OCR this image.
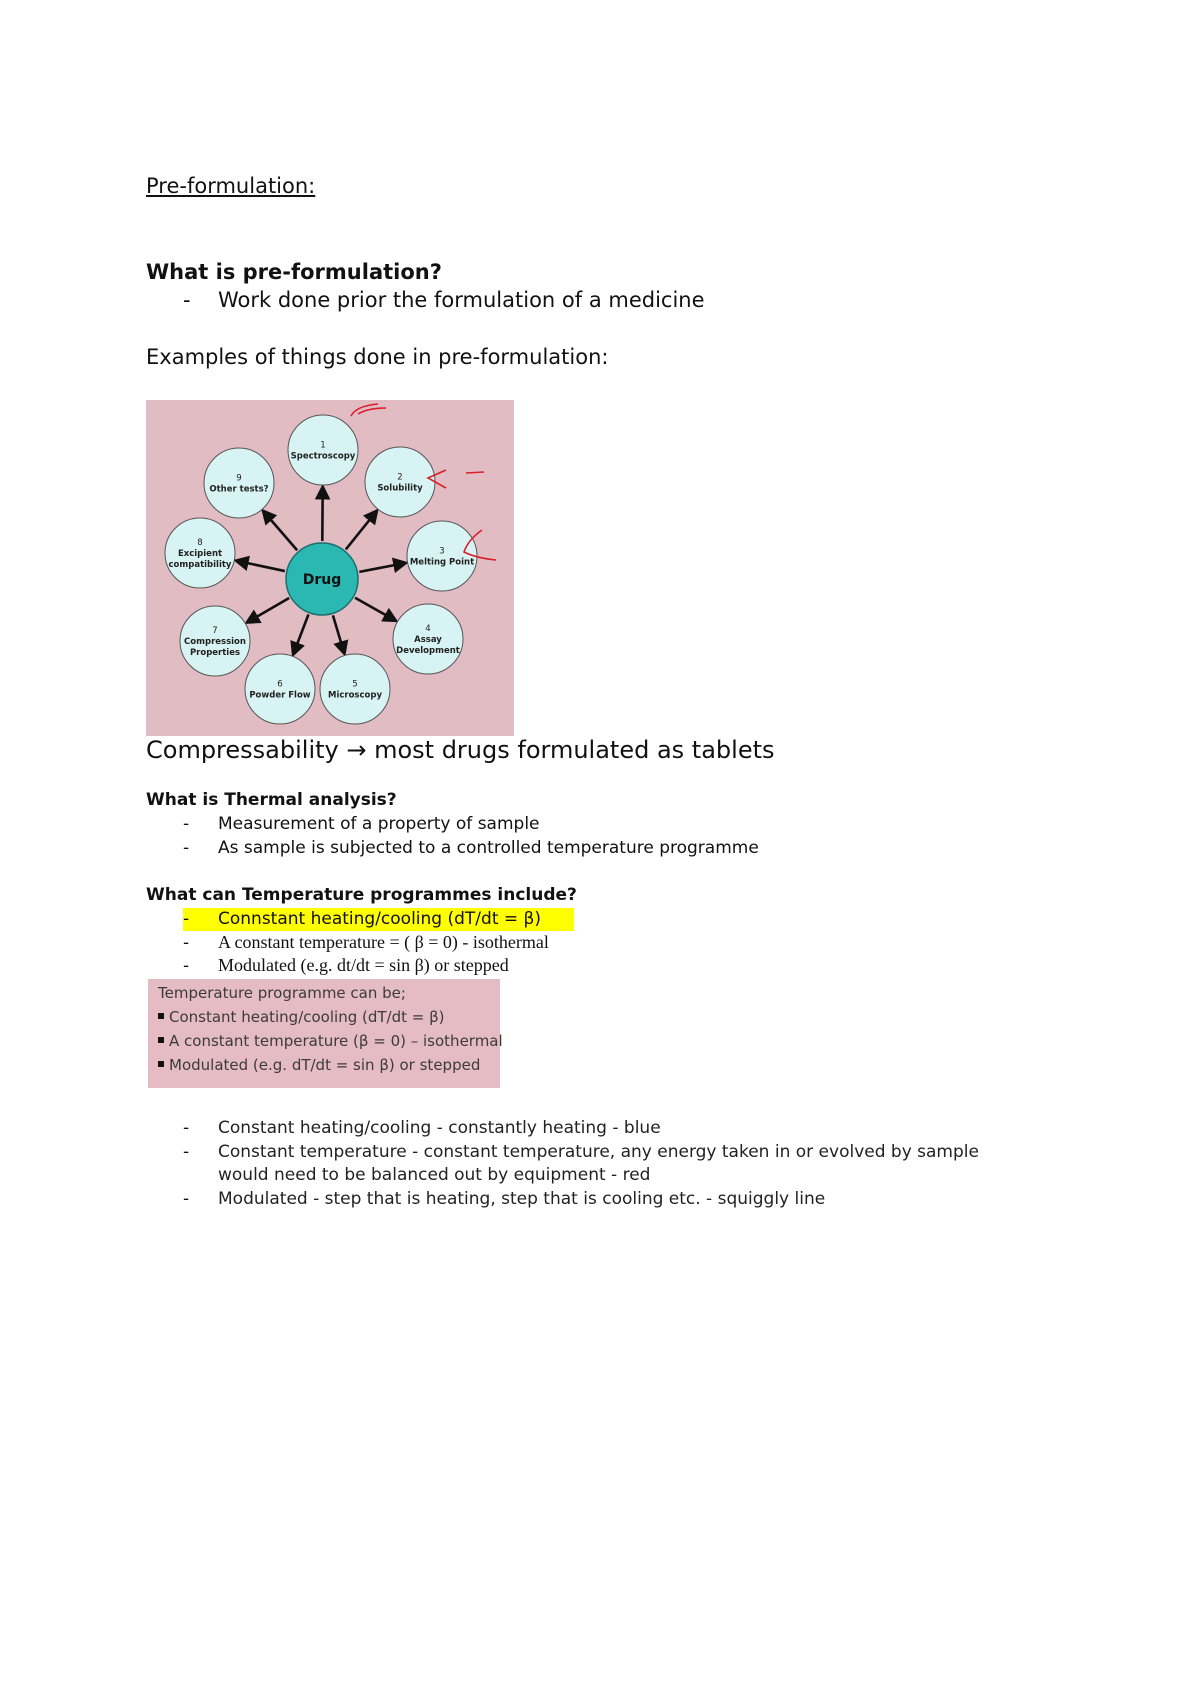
Pre-formulation:
What is pre-formulation?
- Work done prior the formulation of a medicine
Examples of things done in pre-formulation:
1
Spectroscopy
2
Solubility
3
Melting Point
4
Assay
Development
5
Microscopy
6
Powder Flow
7
Compression
Properties
8
Excipient
compatibility
9
Other tests?
Drug
Compressability → most drugs formulated as tablets
What is Thermal analysis?
- Measurement of a property of sample
- As sample is subjected to a controlled temperature programme
What can Temperature programmes include?
- Connstant heating/cooling (dT/dt = β)
- A constant temperature = ( β = 0) - isothermal
- Modulated (e.g. dt/dt = sin β) or stepped
Temperature programme can be;
Constant heating/cooling (dT/dt = β)
A constant temperature (β = 0) – isothermal
Modulated (e.g. dT/dt = sin β) or stepped
- Constant heating/cooling - constantly heating - blue
- Constant temperature - constant temperature, any energy taken in or evolved by sample
would need to be balanced out by equipment - red
- Modulated - step that is heating, step that is cooling etc. - squiggly line
